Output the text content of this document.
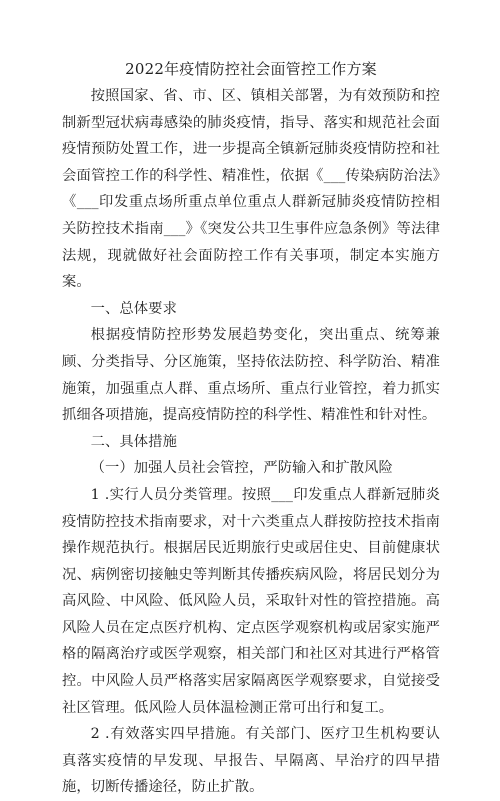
2022年疫情防控社会面管控工作方案

按照国家、省、市、区、镇相关部署，为有效预防和控制新型冠状病毒感染的肺炎疫情，指导、落实和规范社会面疫情预防处置工作，进一步提高全镇新冠肺炎疫情防控和社会面管控工作的科学性、精准性，依据《___传染病防治法》《___印发重点场所重点单位重点人群新冠肺炎疫情防控相关防控技术指南___》《突发公共卫生事件应急条例》等法律法规，现就做好社会面防控工作有关事项，制定本实施方案。

一、总体要求

根据疫情防控形势发展趋势变化，突出重点、统筹兼顾、分类指导、分区施策，坚持依法防控、科学防治、精准施策，加强重点人群、重点场所、重点行业管控，着力抓实抓细各项措施，提高疫情防控的科学性、精准性和针对性。

二、具体措施

（一）加强人员社会管控，严防输入和扩散风险

1 .实行人员分类管理。按照___印发重点人群新冠肺炎疫情防控技术指南要求，对十六类重点人群按防控技术指南操作规范执行。根据居民近期旅行史或居住史、目前健康状况、病例密切接触史等判断其传播疾病风险，将居民划分为高风险、中风险、低风险人员，采取针对性的管控措施。高风险人员在定点医疗机构、定点医学观察机构或居家实施严格的隔离治疗或医学观察，相关部门和社区对其进行严格管控。中风险人员严格落实居家隔离医学观察要求，自觉接受社区管理。低风险人员体温检测正常可出行和复工。

2 .有效落实四早措施。有关部门、医疗卫生机构要认真落实疫情的早发现、早报告、早隔离、早治疗的四早措施，切断传播途径，防止扩散。
